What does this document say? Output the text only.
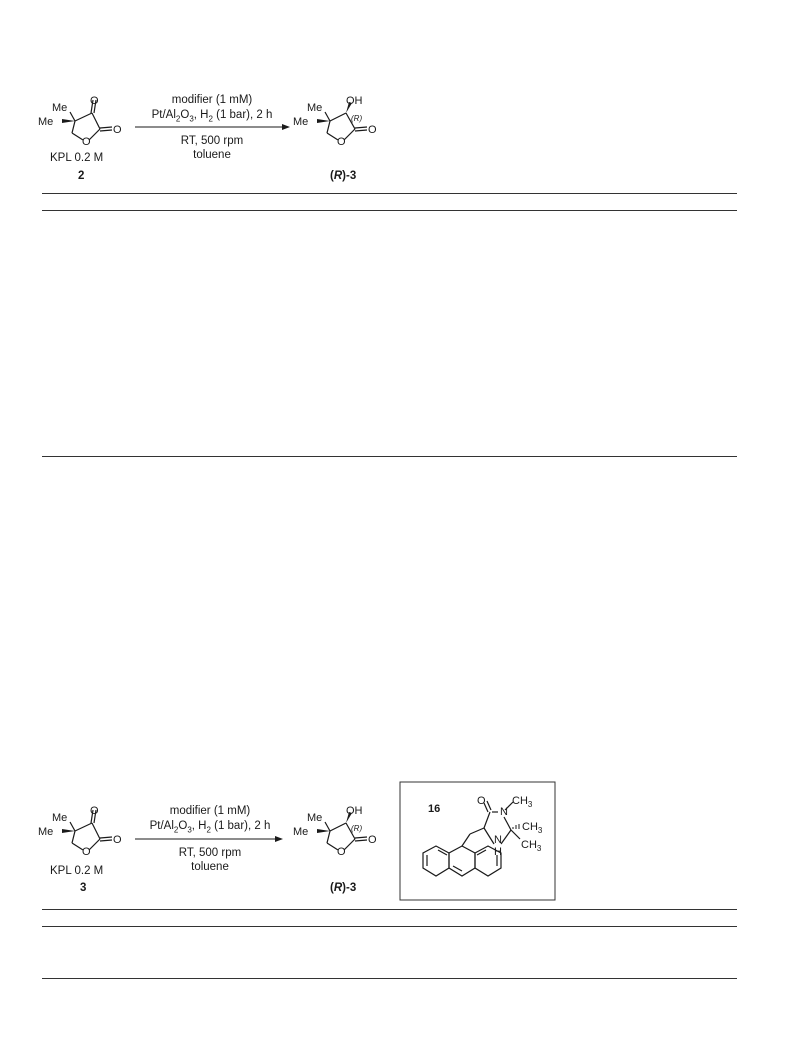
Me
Me
O
O
O
Me
Me
OH
(R)
O
O
KPL 0.2 M
2
modifier (1 mM)
$Pt/Al_2O_3$, $H_2$ (1 bar), 2 h
RT, 500 rpm
toluene
(R)-3
Me
Me
O
O
O
Me
Me
OH
(R)
O
O
16
O
N
$CH_3$
$CH_3$
$CH_3$
N
H
KPL 0.2 M
3
modifier (1 mM)
$Pt/Al_2O_3$, $H_2$ (1 bar), 2 h
RT, 500 rpm
toluene
(R)-3
